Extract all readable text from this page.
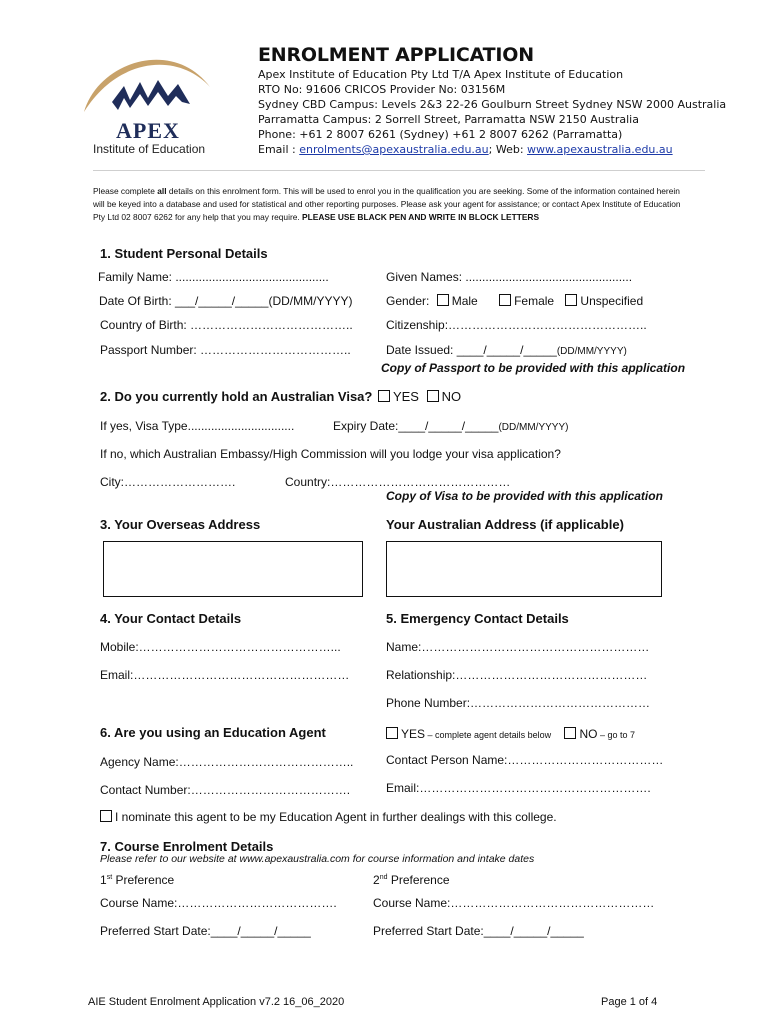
APEX
Institute of Education
ENROLMENT APPLICATION
Apex Institute of Education Pty Ltd T/A Apex Institute of Education
RTO No: 91606 CRICOS Provider No: 03156M
Sydney CBD Campus: Levels 2&3 22-26 Goulburn Street Sydney NSW 2000 Australia
Parramatta Campus: 2 Sorrell Street, Parramatta NSW 2150 Australia
Phone: +61 2 8007 6261 (Sydney) +61 2 8007 6262 (Parramatta)
Email : enrolments@apexaustralia.edu.au; Web: www.apexaustralia.edu.au
Please complete all details on this enrolment form. This will be used to enrol you in the qualification you are seeking. Some of the information contained herein will be keyed into a database and used for statistical and other reporting purposes. Please ask your agent for assistance; or contact Apex Institute of Education Pty Ltd 02 8007 6262 for any help that you may require. PLEASE USE BLACK PEN AND WRITE IN BLOCK LETTERS
1. Student Personal Details
Family Name: ..............................................	Given Names: ..................................................
Date Of Birth: ___/_____/_____(DD/MM/YYYY)	Gender: Male	Female Unspecified
Country of Birth: …………………………………..	Citizenship:…………………………………………..
Passport Number: ………………………………..	Date Issued: ____/_____/_____(DD/MM/YYYY)
Copy of Passport to be provided with this application
2. Do you currently hold an Australian Visa? YES NO
If yes, Visa Type................................	Expiry Date:____/_____/_____(DD/MM/YYYY)
If no, which Australian Embassy/High Commission will you lodge your visa application?
City:……………………….	Country:………………………………………
Copy of Visa to be provided with this application
3. Your Overseas Address	Your Australian Address (if applicable)
4. Your Contact Details	5. Emergency Contact Details
Mobile:…………………………………………...	Name:…………………………………………………
Email:………………………………………………	Relationship:…………………………………………
Phone Number:………………………………………
6. Are you using an Education Agent	YES – complete agent details below NO – go to 7
Agency Name:……………………………………..	Contact Person Name:…………………………………
Contact Number:………………………………….	Email:………………………………………………….
I nominate this agent to be my Education Agent in further dealings with this college.
7. Course Enrolment Details
Please refer to our website at www.apexaustralia.com for course information and intake dates
1st Preference	2nd Preference
Course Name:………………………………….	Course Name:……………………………………………
Preferred Start Date:____/_____/_____	Preferred Start Date:____/_____/_____
AIE Student Enrolment Application v7.2 16_06_2020	Page 1 of 4
